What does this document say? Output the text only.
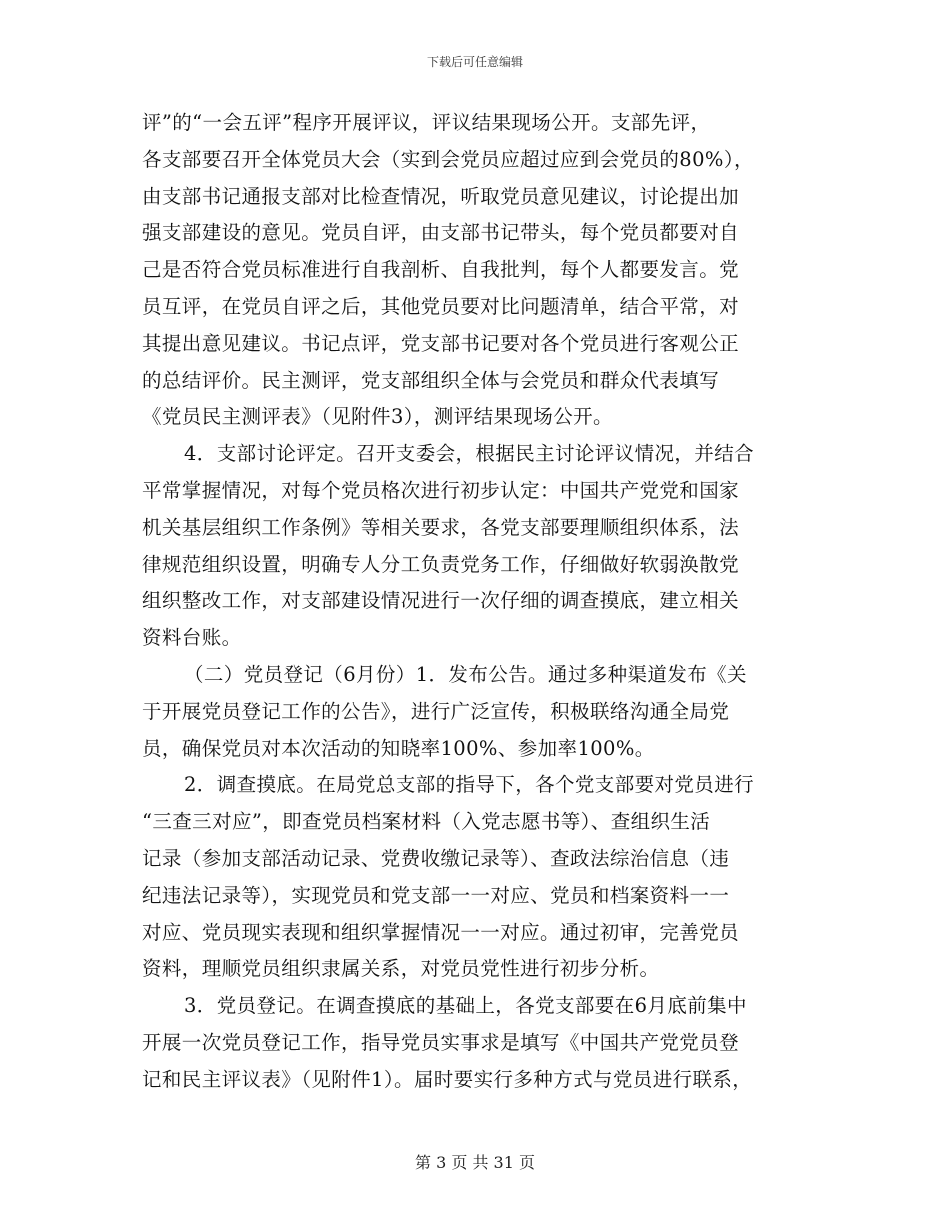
下载后可任意编辑
评”的“一会五评”程序开展评议，评议结果现场公开。支部先评，
各支部要召开全体党员大会（实到会党员应超过应到会党员的80%），
由支部书记通报支部对比检查情况，听取党员意见建议，讨论提出加
强支部建设的意见。党员自评，由支部书记带头，每个党员都要对自
己是否符合党员标准进行自我剖析、自我批判，每个人都要发言。党
员互评，在党员自评之后，其他党员要对比问题清单，结合平常，对
其提出意见建议。书记点评，党支部书记要对各个党员进行客观公正
的总结评价。民主测评，党支部组织全体与会党员和群众代表填写
《党员民主测评表》（见附件3），测评结果现场公开。
4．支部讨论评定。召开支委会，根据民主讨论评议情况，并结合
平常掌握情况，对每个党员格次进行初步认定：中国共产党党和国家
机关基层组织工作条例》等相关要求，各党支部要理顺组织体系，法
律规范组织设置，明确专人分工负责党务工作，仔细做好软弱涣散党
组织整改工作，对支部建设情况进行一次仔细的调查摸底，建立相关
资料台账。
（二）党员登记（6月份）1．发布公告。通过多种渠道发布《关
于开展党员登记工作的公告》，进行广泛宣传，积极联络沟通全局党
员，确保党员对本次活动的知晓率100%、参加率100%。
2．调查摸底。在局党总支部的指导下，各个党支部要对党员进行
“三查三对应”，即查党员档案材料（入党志愿书等）、查组织生活
记录（参加支部活动记录、党费收缴记录等）、查政法综治信息（违
纪违法记录等），实现党员和党支部一一对应、党员和档案资料一一
对应、党员现实表现和组织掌握情况一一对应。通过初审，完善党员
资料，理顺党员组织隶属关系，对党员党性进行初步分析。
3．党员登记。在调查摸底的基础上，各党支部要在6月底前集中
开展一次党员登记工作，指导党员实事求是填写《中国共产党党员登
记和民主评议表》（见附件1）。届时要实行多种方式与党员进行联系，
第 3 页 共 31 页
